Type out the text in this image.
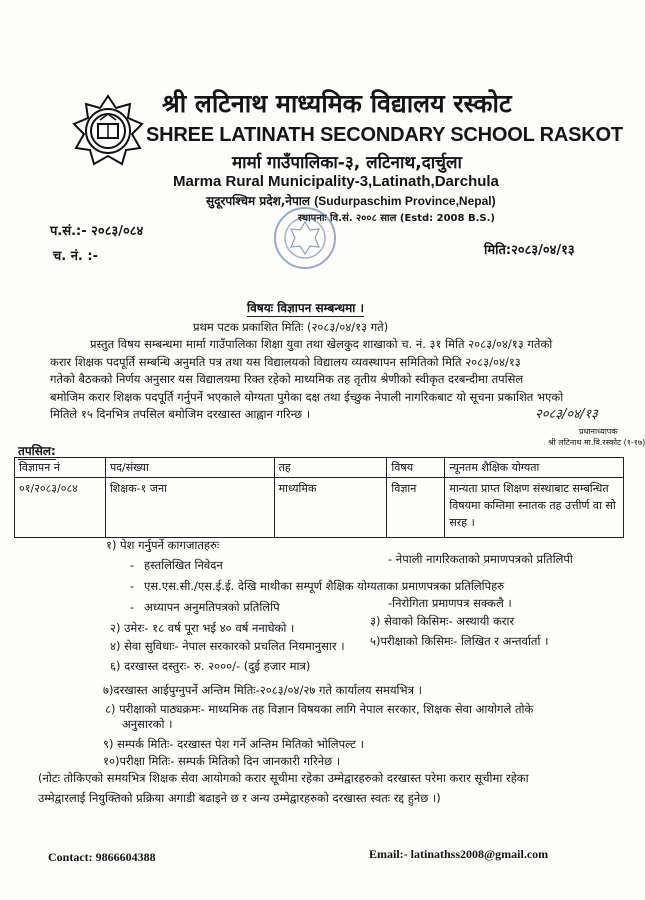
श्री लटिनाथ माध्यमिक विद्यालय रस्कोट
SHREE LATINATH SECONDARY SCHOOL RASKOT
मार्मा गाउँपालिका-३, लटिनाथ,दार्चुला
Marma Rural Municipality-3,Latinath,Darchula
सुदूरपश्चिम प्रदेश,नेपाल (Sudurpaschim Province,Nepal)
स्थापनाः वि.सं. २००८ साल (Estd: 2008 B.S.)
प.सं.:- २०८३/०८४
च. नं. :-	मिति:२०८३/०४/१३
विषयः विज्ञापन सम्बन्धमा ।
प्रथम पटक प्रकाशित मितिः (२०८३/०४/१३ गते)
प्रस्तुत विषय सम्बन्धमा मार्मा गाउँपालिका शिक्षा युवा तथा खेलकुद शाखाको च. नं. ३१ मिति २०८३/०४/१३ गतेको
करार शिक्षक पदपूर्ति सम्बन्धि अनुमति पत्र तथा यस विद्यालयको विद्यालय व्यवस्थापन समितिको मिति २०८३/०४/१३
गतेको बैठकको निर्णय अनुसार यस विद्यालयमा रिक्त रहेको माध्यमिक तह तृतीय श्रेणीको स्वीकृत दरबन्दीमा तपसिल
बमोजिम करार शिक्षक पदपूर्ति गर्नुपर्ने भएकाले योग्यता पुगेका दक्ष तथा ईच्छुक नेपाली नागरिकबाट यो सूचना प्रकाशित भएको
मितिले १५ दिनभित्र तपसिल बमोजिम दरखास्त आह्वान गरिन्छ ।	२०८३/०४/१३
प्रधानाध्यापक
श्री लटिनाथ मा.वि.रस्कोट (१-१७)
तपसिल:
विज्ञापन नं	पद/संख्या	तह	विषय	न्यूनतम शैक्षिक योग्यता
०१/२०८३/०८४	शिक्षक-१ जना	माध्यमिक	विज्ञान	मान्यता प्राप्त शिक्षण संस्थाबाट सम्बन्धित विषयमा कम्तिमा स्नातक तह उत्तीर्ण वा सो सरह ।
१) पेश गर्नुपर्ने कागजातहरुः
- हस्तलिखित निवेदन	- नेपाली नागरिकताको प्रमाणपत्रको प्रतिलिपी
- एस.एस.सी./एस.ई.ई. देखि माथीका सम्पूर्ण शैक्षिक योग्यताका प्रमाणपत्रका प्रतिलिपिहरु
- अध्यापन अनुमतिपत्रको प्रतिलिपि	-निरोगिता प्रमाणपत्र सक्कलै ।
२) उमेरः- १८ वर्ष पूरा भई ४० वर्ष ननाघेको ।	३) सेवाको किसिमः- अस्थायी करार
४) सेवा सुविधाः- नेपाल सरकारको प्रचलित नियमानुसार । ५)परीक्षाको किसिमः- लिखित र अन्तर्वार्ता ।
६) दरखास्त दस्तुरः- रु. २०००/- (दुई हजार मात्र)
७)दरखास्त आईपुग्नुपर्ने अन्तिम मितिः-२०८३/०४/२७ गते कार्यालय समयभित्र ।
८) परीक्षाको पाठ्यक्रमः- माध्यमिक तह विज्ञान विषयका लागि नेपाल सरकार, शिक्षक सेवा आयोगले तोके
अनुसारको ।
९) सम्पर्क मितिः- दरखास्त पेश गर्ने अन्तिम मितिको भोलिपल्ट ।
१०)परीक्षा मितिः- सम्पर्क मितिको दिन जानकारी गरिनेछ ।
(नोटः तोकिएको समयभित्र शिक्षक सेवा आयोगको करार सूचीमा रहेका उम्मेद्वारहरुको दरखास्त परेमा करार सूचीमा रहेका
उम्मेद्वारलाई नियुक्तिको प्रक्रिया अगाडी बढाइने छ र अन्य उम्मेद्वारहरुको दरखास्त स्वतः रद्द हुनेछ ।)
Contact: 9866604388	Email:- latinathss2008@gmail.com
